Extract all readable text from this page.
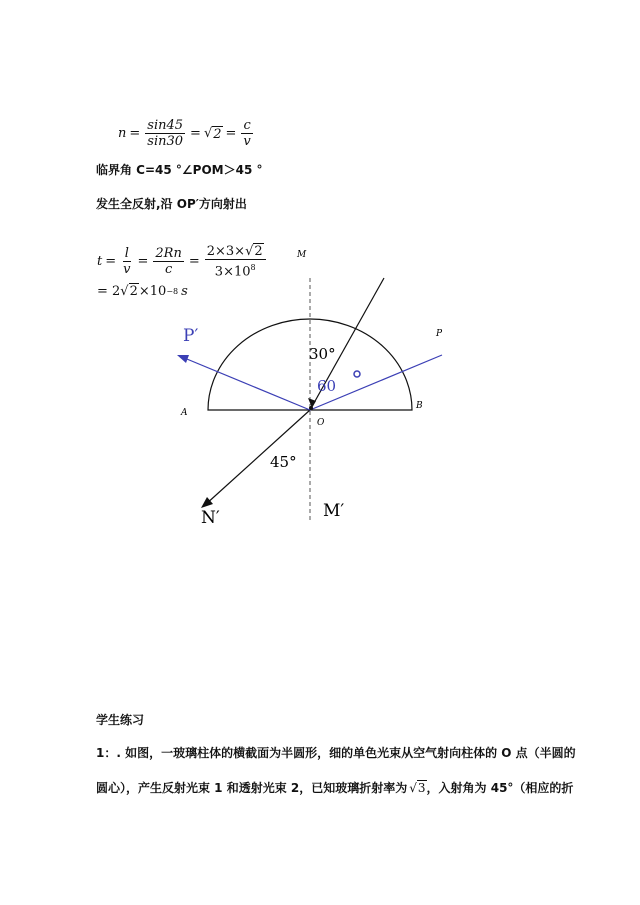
$n = \frac{\sin 45}{\sin 30}$ = √ $2 = \frac{c}{v}$
临界角 C=45 °∠POM＞45 °
发生全反射,沿 OP′方向射出
$t = \frac{l}{v} = \frac{2Rn}{c} = \frac{2\times 3\times√2}{3\times 10^8}$
= 2 √ 2 ×10 −8 s
M
P′	P
30°
60
A
O
B
45°
N′	M′
学生练习
1：. 如图，一玻璃柱体的横截面为半圆形，细的单色光束从空气射向柱体的 O 点（半圆的
圆心），产生反射光束 1 和透射光束 2，已知玻璃折射率为 √ 3 ，入射角为 45°（相应的折
